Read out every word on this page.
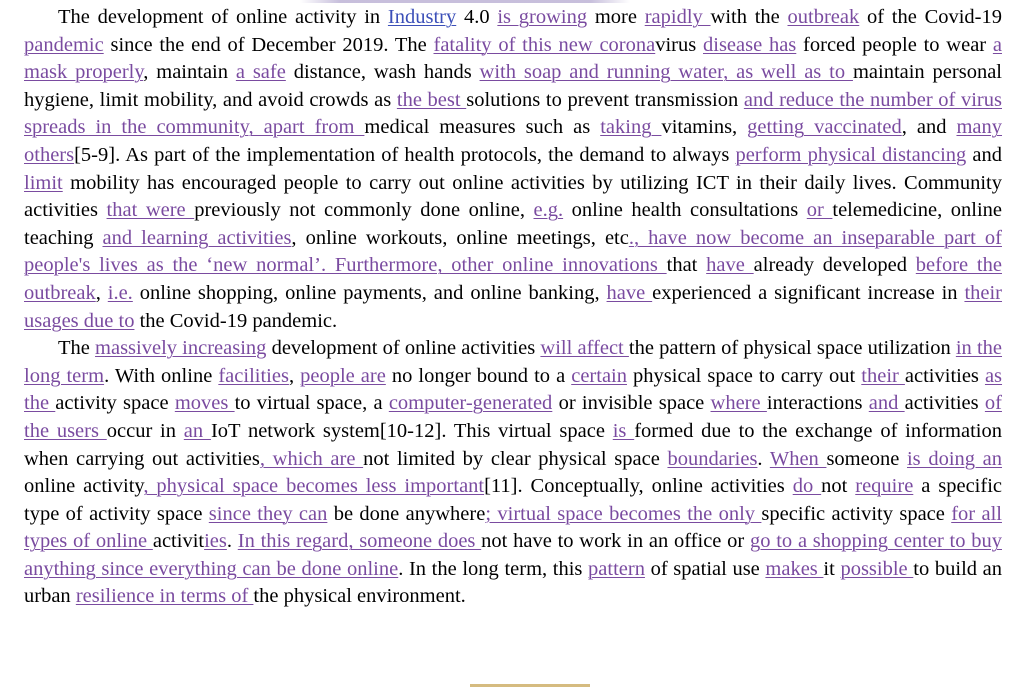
The development of online activity in Industry 4.0 is growing more rapidly with the outbreak of the Covid-19 pandemic since the end of December 2019. The fatality of this new coronavirus disease has forced people to wear a mask properly, maintain a safe distance, wash hands with soap and running water, as well as to maintain personal hygiene, limit mobility, and avoid crowds as the best solutions to prevent transmission and reduce the number of virus spreads in the community, apart from medical measures such as taking vitamins, getting vaccinated, and many others[5-9]. As part of the implementation of health protocols, the demand to always perform physical distancing and limit mobility has encouraged people to carry out online activities by utilizing ICT in their daily lives. Community activities that were previously not commonly done online, e.g. online health consultations or telemedicine, online teaching and learning activities, online workouts, online meetings, etc., have now become an inseparable part of people's lives as the ‘new normal’. Furthermore, other online innovations that have already developed before the outbreak, i.e. online shopping, online payments, and online banking, have experienced a significant increase in their usages due to the Covid-19 pandemic.

The massively increasing development of online activities will affect the pattern of physical space utilization in the long term. With online facilities, people are no longer bound to a certain physical space to carry out their activities as the activity space moves to virtual space, a computer-generated or invisible space where interactions and activities of the users occur in an IoT network system[10-12]. This virtual space is formed due to the exchange of information when carrying out activities, which are not limited by clear physical space boundaries. When someone is doing an online activity, physical space becomes less important[11]. Conceptually, online activities do not require a specific type of activity space since they can be done anywhere; virtual space becomes the only specific activity space for all types of online activities. In this regard, someone does not have to work in an office or go to a shopping center to buy anything since everything can be done online. In the long term, this pattern of spatial use makes it possible to build an urban resilience in terms of the physical environment.
